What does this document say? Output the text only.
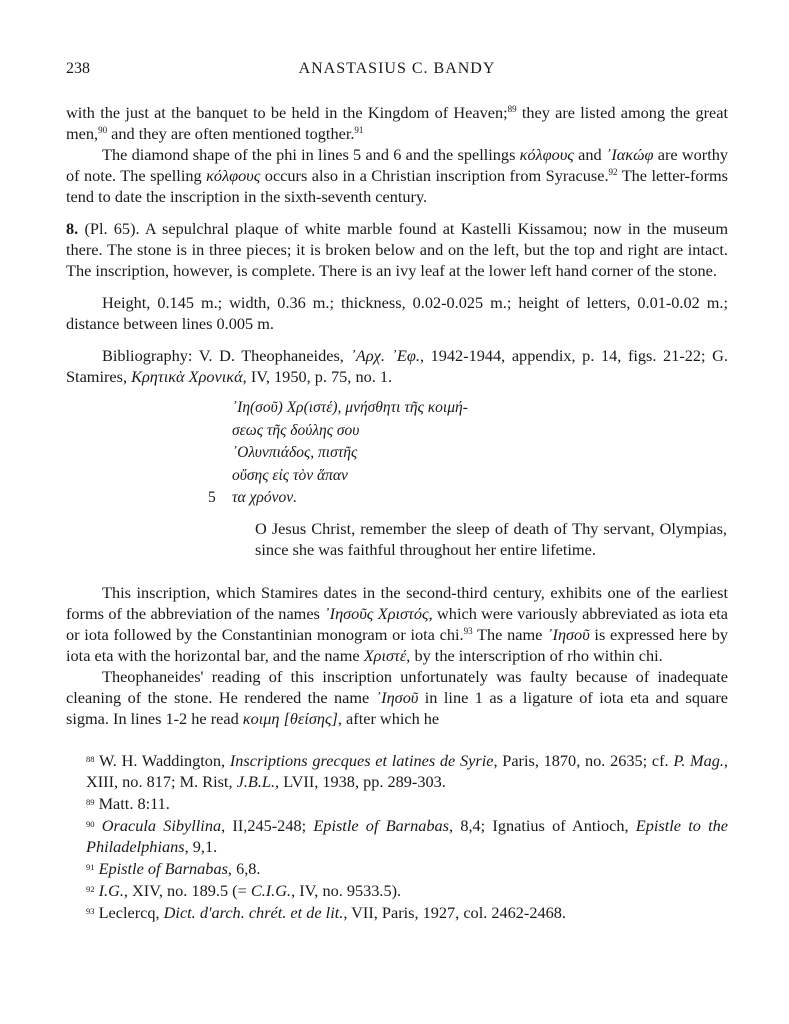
238	ANASTASIUS C. BANDY

with the just at the banquet to be held in the Kingdom of Heaven;$^{89}$ they are listed among the great men,$^{90}$ and they are often mentioned togther.$^{91}$

The diamond shape of the phi in lines 5 and 6 and the spellings κόλφους and ᾿Ιακώφ are worthy of note. The spelling κόλφους occurs also in a Christian inscription from Syracuse.$^{92}$ The letter-forms tend to date the inscription in the sixth-seventh century.

8. (Pl. 65). A sepulchral plaque of white marble found at Kastelli Kissamou; now in the museum there. The stone is in three pieces; it is broken below and on the left, but the top and right are intact. The inscription, however, is complete. There is an ivy leaf at the lower left hand corner of the stone.

Height, 0.145 m.; width, 0.36 m.; thickness, 0.02-0.025 m.; height of letters, 0.01-0.02 m.; distance between lines 0.005 m.

Bibliography: V. D. Theophaneides, ᾿Αρχ. ᾿Εφ., 1942-1944, appendix, p. 14, figs. 21-22; G. Stamires, Κρητικὰ Χρονικά, IV, 1950, p. 75, no. 1.

᾿Ιη(σοῦ) Χρ(ιστέ), μνήσθητι τῆς κοιμή-
σεως τῆς δούλης σου
᾿Ολυνπιάδος, πιστῆς
οὔσης εἰς τὸν ἅπαν
5 τα χρόνον.

O Jesus Christ, remember the sleep of death of Thy servant, Olympias, since she was faithful throughout her entire lifetime.

This inscription, which Stamires dates in the second-third century, exhibits one of the earliest forms of the abbreviation of the names ᾿Ιησοῦς Χριστός, which were variously abbreviated as iota eta or iota followed by the Constantinian monogram or iota chi.$^{93}$ The name ᾿Ιησοῦ is expressed here by iota eta with the horizontal bar, and the name Χριστέ, by the interscription of rho within chi.

Theophaneides' reading of this inscription unfortunately was faulty because of inadequate cleaning of the stone. He rendered the name ᾿Ιησοῦ in line 1 as a ligature of iota eta and square sigma. In lines 1-2 he read κοιμη [θείσης], after which he

$^{88}$ W. H. Waddington, Inscriptions grecques et latines de Syrie, Paris, 1870, no. 2635; cf. P. Mag., XIII, no. 817; M. Rist, J.B.L., LVII, 1938, pp. 289-303.

$^{89}$ Matt. 8:11.

$^{90}$ Oracula Sibyllina, II,245-248; Epistle of Barnabas, 8,4; Ignatius of Antioch, Epistle to the Philadelphians, 9,1.

$^{91}$ Epistle of Barnabas, 6,8.

$^{92}$ I.G., XIV, no. 189.5 (= C.I.G., IV, no. 9533.5).

$^{93}$ Leclercq, Dict. d'arch. chrét. et de lit., VII, Paris, 1927, col. 2462-2468.
